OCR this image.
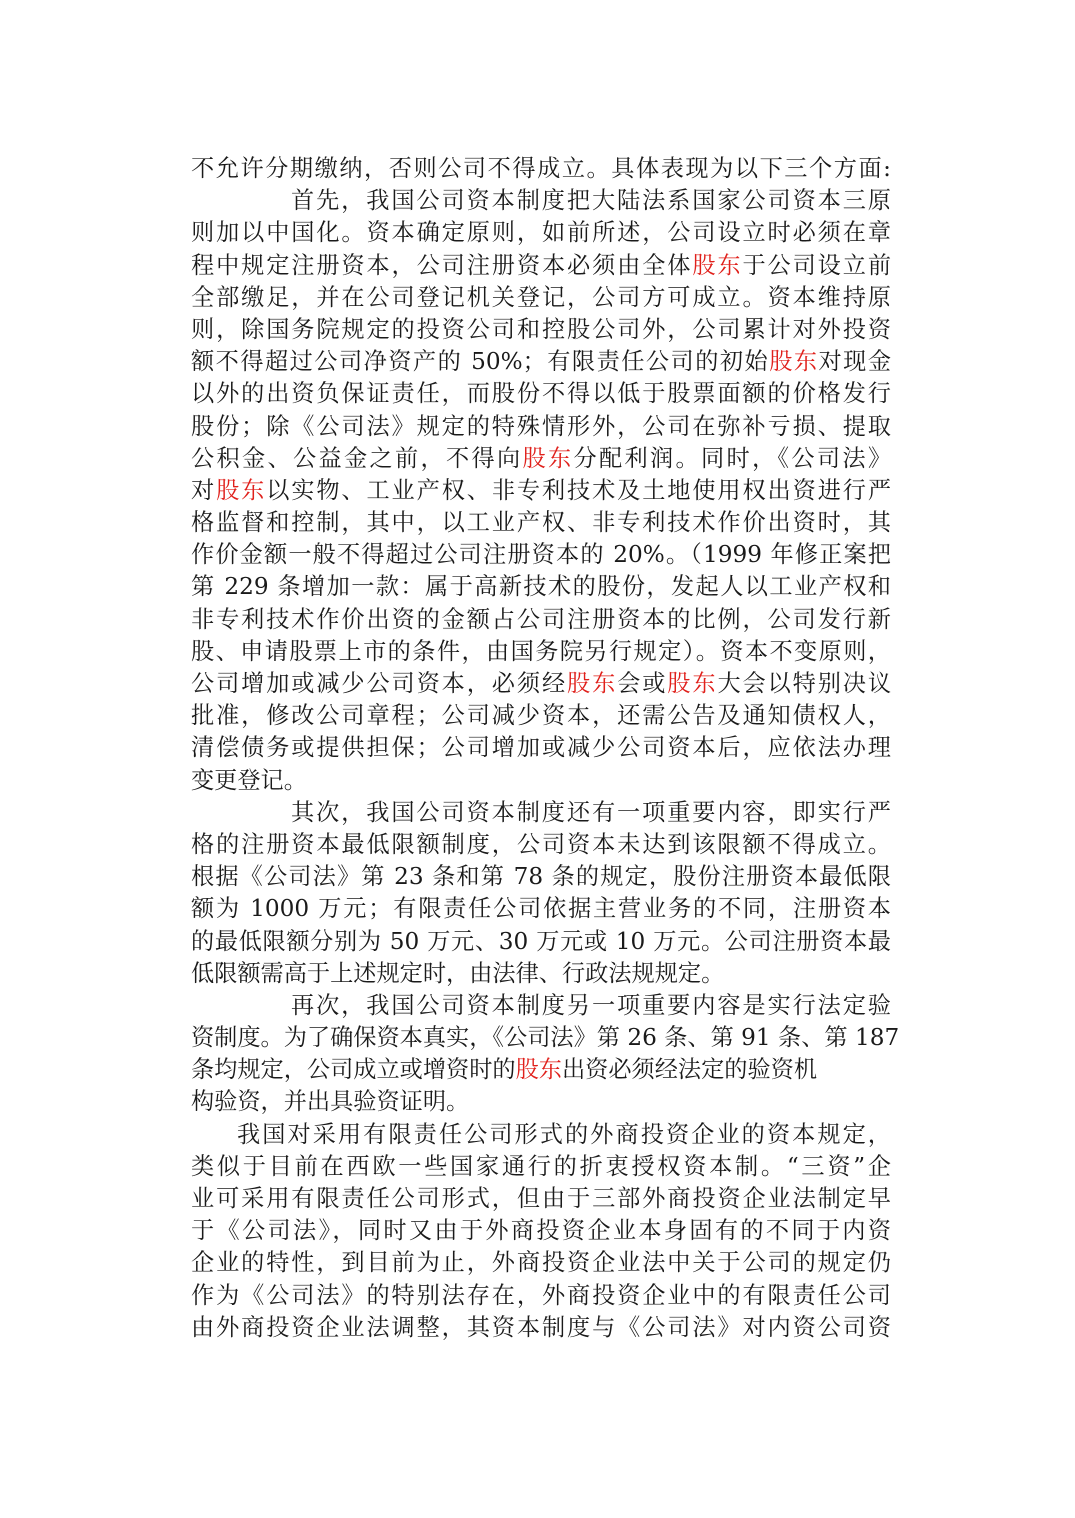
不允许分期缴纳，否则公司不得成立。具体表现为以下三个方面:
首先，我国公司资本制度把大陆法系国家公司资本三原
则加以中国化。资本确定原则，如前所述，公司设立时必须在章
程中规定注册资本，公司注册资本必须由全体股东于公司设立前
全部缴足，并在公司登记机关登记，公司方可成立。资本维持原
则，除国务院规定的投资公司和控股公司外，公司累计对外投资
额不得超过公司净资产的 50%；有限责任公司的初始股东对现金
以外的出资负保证责任，而股份不得以低于股票面额的价格发行
股份；除《公司法》规定的特殊情形外，公司在弥补亏损、提取
公积金、公益金之前，不得向股东分配利润。同时，《公司法》
对股东以实物、工业产权、非专利技术及土地使用权出资进行严
格监督和控制，其中，以工业产权、非专利技术作价出资时，其
作价金额一般不得超过公司注册资本的 20%。（1999 年修正案把
第 229 条增加一款：属于高新技术的股份，发起人以工业产权和
非专利技术作价出资的金额占公司注册资本的比例，公司发行新
股、申请股票上市的条件，由国务院另行规定）。资本不变原则，
公司增加或减少公司资本，必须经股东会或股东大会以特别决议
批准，修改公司章程；公司减少资本，还需公告及通知债权人，
清偿债务或提供担保；公司增加或减少公司资本后，应依法办理
变更登记。
其次，我国公司资本制度还有一项重要内容，即实行严
格的注册资本最低限额制度，公司资本未达到该限额不得成立。
根据《公司法》第 23 条和第 78 条的规定，股份注册资本最低限
额为 1000 万元；有限责任公司依据主营业务的不同，注册资本
的最低限额分别为 50 万元、30 万元或 10 万元。公司注册资本最
低限额需高于上述规定时，由法律、行政法规规定。
再次，我国公司资本制度另一项重要内容是实行法定验
资制度。为了确保资本真实，《公司法》第 26 条、第 91 条、第 187
条均规定，公司成立或增资时的股东出资必须经法定的验资机
构验资，并出具验资证明。
我国对采用有限责任公司形式的外商投资企业的资本规定，
类似于目前在西欧一些国家通行的折衷授权资本制。“三资”企
业可采用有限责任公司形式，但由于三部外商投资企业法制定早
于《公司法》，同时又由于外商投资企业本身固有的不同于内资
企业的特性，到目前为止，外商投资企业法中关于公司的规定仍
作为《公司法》的特别法存在，外商投资企业中的有限责任公司
由外商投资企业法调整，其资本制度与《公司法》对内资公司资
